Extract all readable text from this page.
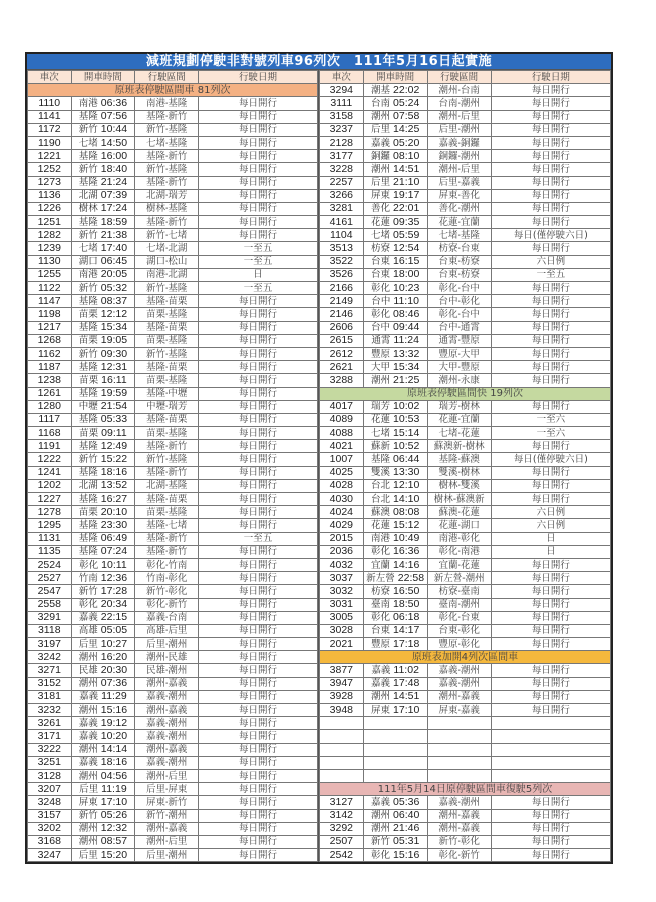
減班規劃停駛非對號列車96列次　111年5月16日起實施
車次	開車時間	行駛區間	行駛日期
原班表停駛區間車 81列次			
1110	南港 06:36	南港-基隆	每日開行
1141	基隆 07:56	基隆-新竹	每日開行
1172	新竹 10:44	新竹-基隆	每日開行
1190	七堵 14:50	七堵-基隆	每日開行
1221	基隆 16:00	基隆-新竹	每日開行
1252	新竹 18:40	新竹-基隆	每日開行
1273	基隆 21:24	基隆-新竹	每日開行
1136	北湖 07:39	北湖-瑞芳	每日開行
1226	樹林 17:24	樹林-基隆	每日開行
1251	基隆 18:59	基隆-新竹	每日開行
1282	新竹 21:38	新竹-七堵	每日開行
1239	七堵 17:40	七堵-北湖	一至五
1130	湖口 06:45	湖口-松山	一至五
1255	南港 20:05	南港-北湖	日
1122	新竹 05:32	新竹-基隆	一至五
1147	基隆 08:37	基隆-苗栗	每日開行
1198	苗栗 12:12	苗栗-基隆	每日開行
1217	基隆 15:34	基隆-苗栗	每日開行
1268	苗栗 19:05	苗栗-基隆	每日開行
1162	新竹 09:30	新竹-基隆	每日開行
1187	基隆 12:31	基隆-苗栗	每日開行
1238	苗栗 16:11	苗栗-基隆	每日開行
1261	基隆 19:59	基隆-中壢	每日開行
1280	中壢 21:54	中壢-瑞芳	每日開行
1117	基隆 05:33	基隆-苗栗	每日開行
1168	苗栗 09:11	苗栗-基隆	每日開行
1191	基隆 12:49	基隆-新竹	每日開行
1222	新竹 15:22	新竹-基隆	每日開行
1241	基隆 18:16	基隆-新竹	每日開行
1202	北湖 13:52	北湖-基隆	每日開行
1227	基隆 16:27	基隆-苗栗	每日開行
1278	苗栗 20:10	苗栗-基隆	每日開行
1295	基隆 23:30	基隆-七堵	每日開行
1131	基隆 06:49	基隆-新竹	一至五
1135	基隆 07:24	基隆-新竹	每日開行
2524	彰化 10:11	彰化-竹南	每日開行
2527	竹南 12:36	竹南-彰化	每日開行
2547	新竹 17:28	新竹-彰化	每日開行
2558	彰化 20:34	彰化-新竹	每日開行
3291	嘉義 22:15	嘉義-台南	每日開行
3118	高雄 05:05	高雄-后里	每日開行
3197	后里 10:27	后里-潮州	每日開行
3242	潮州 16:20	潮州-民雄	每日開行
3271	民雄 20:30	民雄-潮州	每日開行
3152	潮州 07:36	潮州-嘉義	每日開行
3181	嘉義 11:29	嘉義-潮州	每日開行
3232	潮州 15:16	潮州-嘉義	每日開行
3261	嘉義 19:12	嘉義-潮州	每日開行
3171	嘉義 10:20	嘉義-潮州	每日開行
3222	潮州 14:14	潮州-嘉義	每日開行
3251	嘉義 18:16	嘉義-潮州	每日開行
3128	潮州 04:56	潮州-后里	每日開行
3207	后里 11:19	后里-屏東	每日開行
3248	屏東 17:10	屏東-新竹	每日開行
3157	新竹 05:26	新竹-潮州	每日開行
3202	潮州 12:32	潮州-嘉義	每日開行
3168	潮州 08:57	潮州-后里	每日開行
3247	后里 15:20	后里-潮州	每日開行
車次	開車時間	行駛區間	行駛日期
3294	潮基 22:02	潮州-台南	每日開行
3111	台南 05:24	台南-潮州	每日開行
3158	潮州 07:58	潮州-后里	每日開行
3237	后里 14:25	后里-潮州	每日開行
2128	嘉義 05:20	嘉義-銅鑼	每日開行
3177	銅鑼 08:10	銅鑼-潮州	每日開行
3228	潮州 14:51	潮州-后里	每日開行
2257	后里 21:10	后里-嘉義	每日開行
3266	屏東 19:17	屏東-善化	每日開行
3281	善化 22:01	善化-潮州	每日開行
4161	花蓮 09:35	花蓮-宜蘭	每日開行
1104	七堵 05:59	七堵-基隆	每日(僅停駛六日)
3513	枋寮 12:54	枋寮-台東	每日開行
3522	台東 16:15	台東-枋寮	六日例
3526	台東 18:00	台東-枋寮	一至五
2166	彰化 10:23	彰化-台中	每日開行
2149	台中 11:10	台中-彰化	每日開行
2146	彰化 08:46	彰化-台中	每日開行
2606	台中 09:44	台中-通霄	每日開行
2615	通霄 11:24	通霄-豐原	每日開行
2612	豐原 13:32	豐原-大甲	每日開行
2621	大甲 15:34	大甲-豐原	每日開行
3288	潮州 21:25	潮州-永康	每日開行
原班表停駛區間快 19列次			
4017	瑞芳 10:02	瑞芳-樹林	每日開行
4089	花蓮 10:53	花蓮-宜蘭	一至六
4088	七堵 15:14	七堵-花蓮	一至六
4021	蘇新 10:52	蘇澳新-樹林	每日開行
1007	基隆 06:44	基隆-蘇澳	每日(僅停駛六日)
4025	雙溪 13:30	雙溪-樹林	每日開行
4028	台北 12:10	樹林-雙溪	每日開行
4030	台北 14:10	樹林-蘇澳新	每日開行
4024	蘇澳 08:08	蘇澳-花蓮	六日例
4029	花蓮 15:12	花蓮-湖口	六日例
2015	南港 10:49	南港-彰化	日
2036	彰化 16:36	彰化-南港	日
4032	宜蘭 14:16	宜蘭-花蓮	每日開行
3037	新左營 22:58	新左營-潮州	每日開行
3032	枋寮 16:50	枋寮-臺南	每日開行
3031	臺南 18:50	臺南-潮州	每日開行
3005	彰化 06:18	彰化-台東	每日開行
3028	台東 14:17	台東-彰化	每日開行
2021	豐原 17:18	豐原-彰化	每日開行
原班表加開4列次區間車			
3877	嘉義 11:02	嘉義-潮州	每日開行
3947	嘉義 17:48	嘉義-潮州	每日開行
3928	潮州 14:51	潮州-嘉義	每日開行
3948	屏東 17:10	屏東-嘉義	每日開行

111年5月14日原停駛區間車復駛5列次			
3127	嘉義 05:36	嘉義-潮州	每日開行
3142	潮州 06:40	潮州-嘉義	每日開行
3292	潮州 21:46	潮州-嘉義	每日開行
2507	新竹 05:31	新竹-彰化	每日開行
2542	彰化 15:16	彰化-新竹	每日開行
